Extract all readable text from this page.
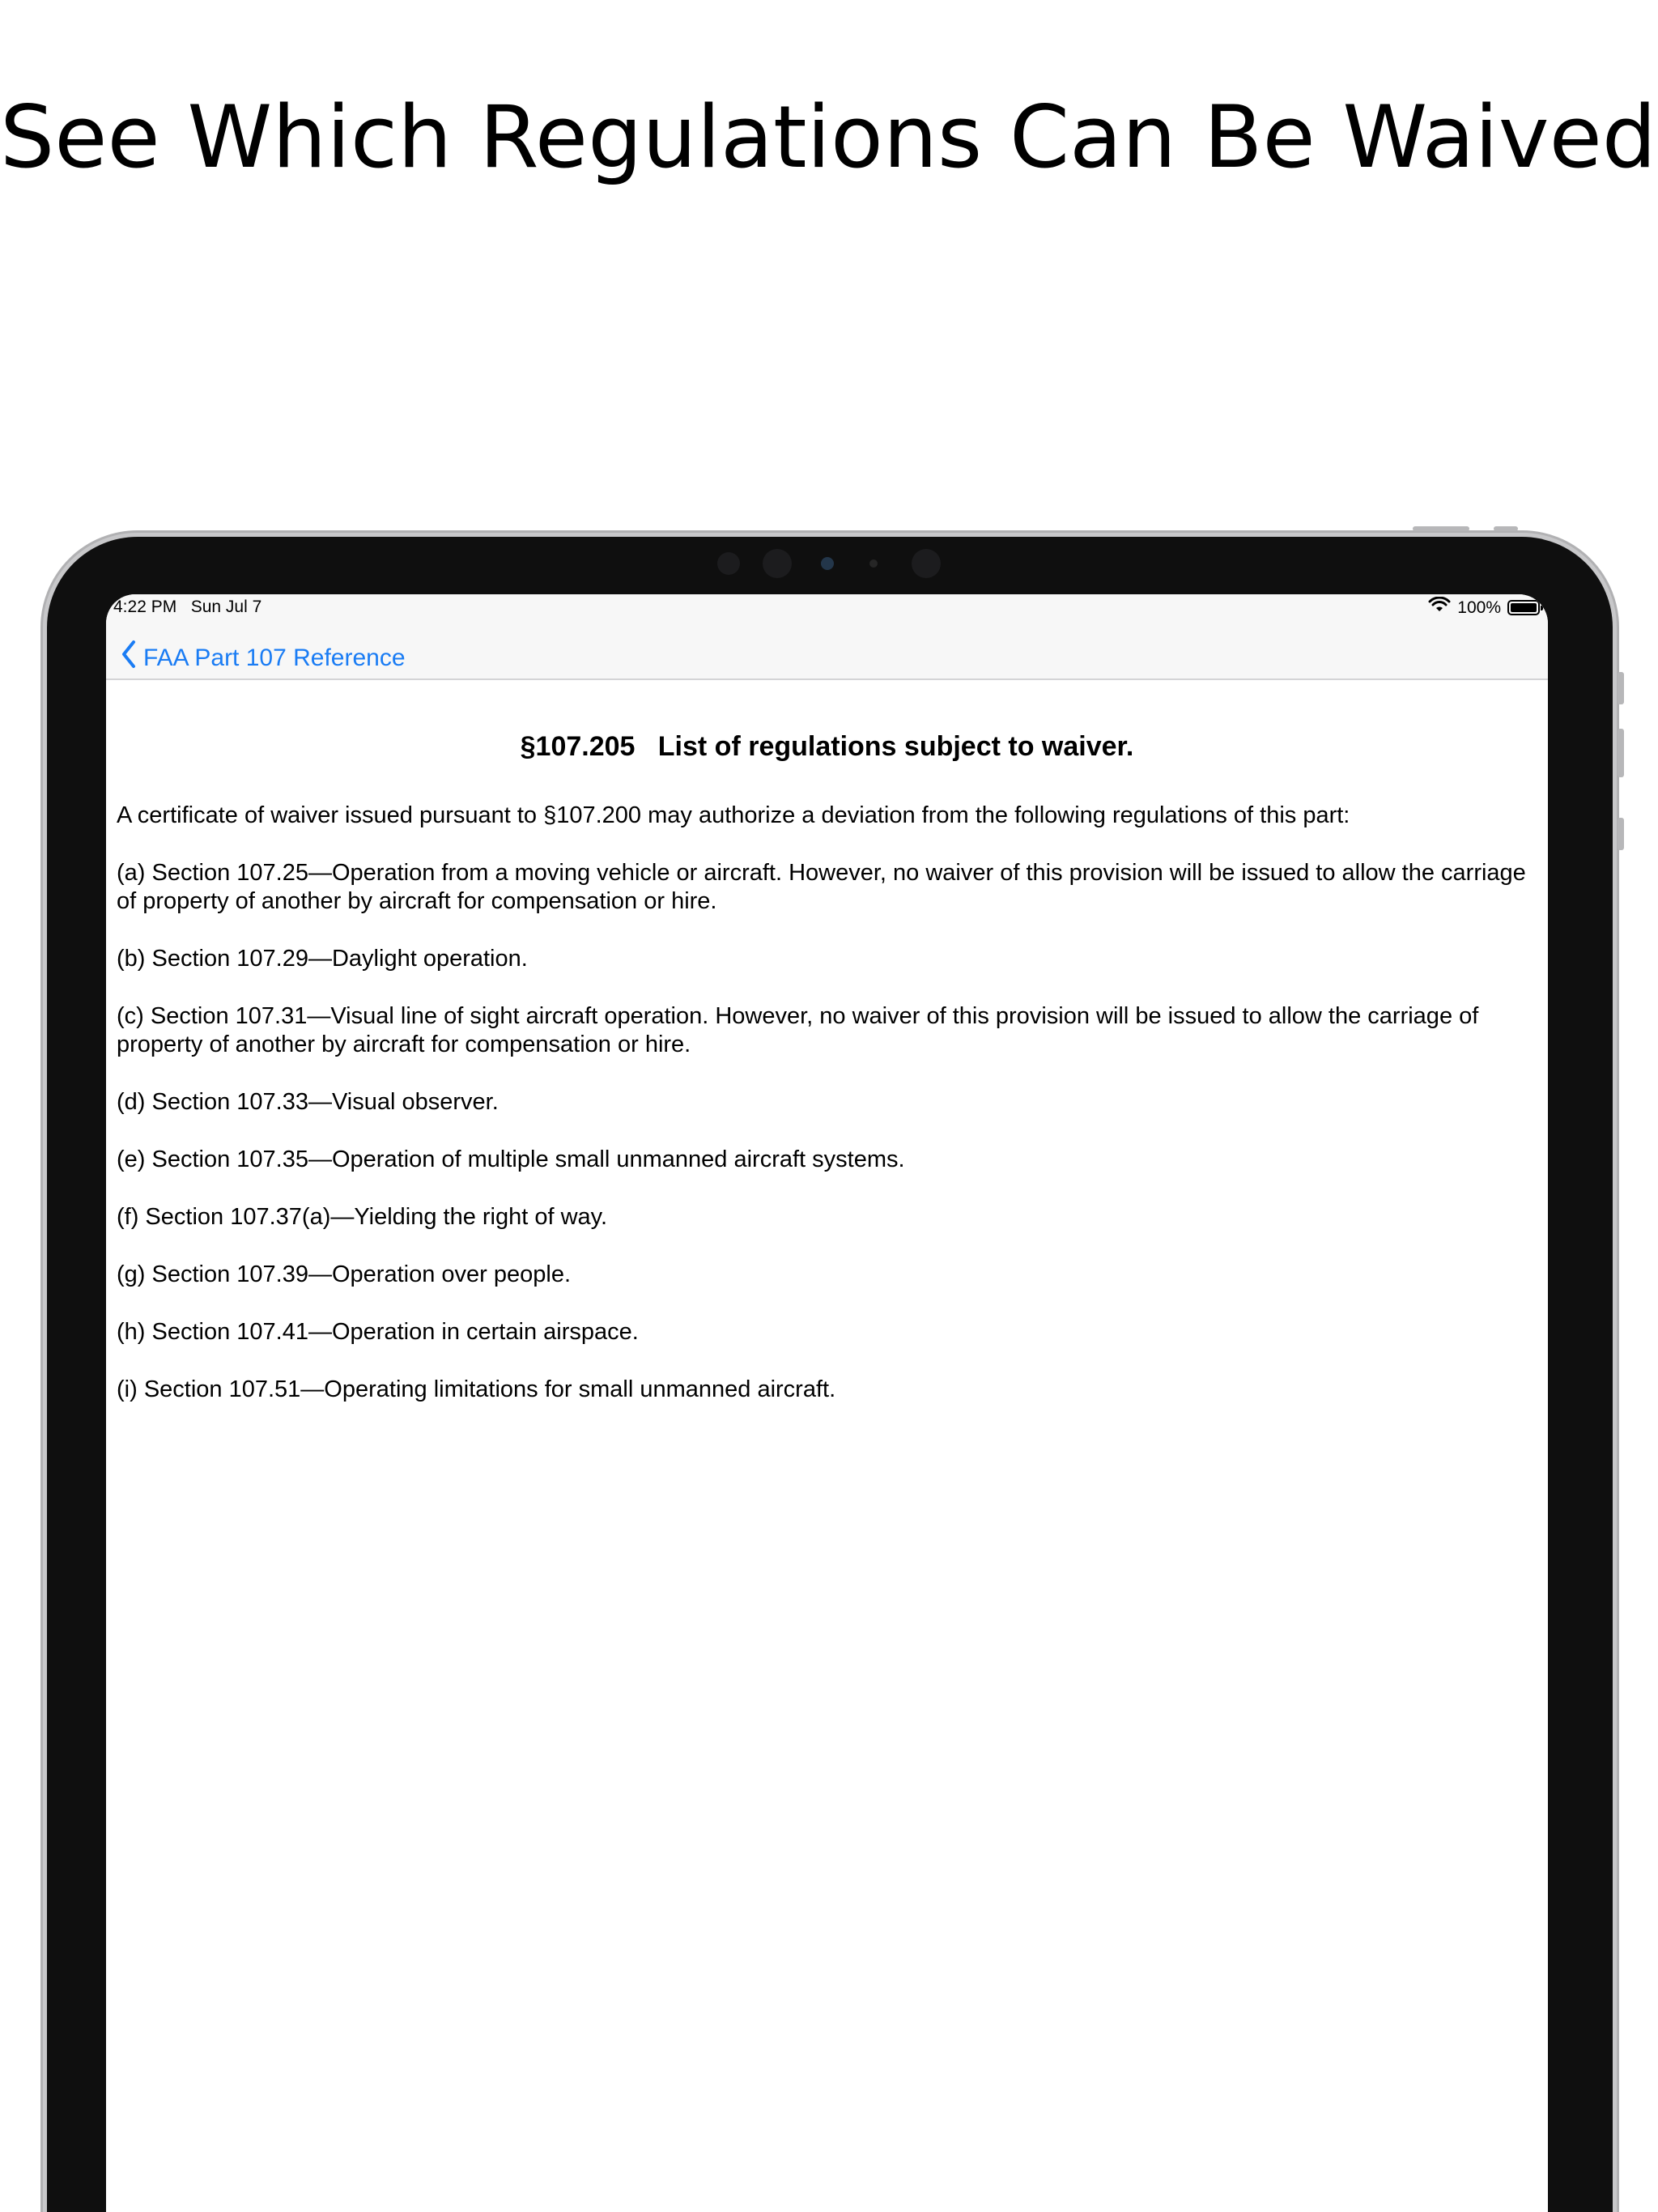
See Which Regulations Can Be Waived
4:22 PM Sun Jul 7	100%
FAA Part 107 Reference
§107.205   List of regulations subject to waiver.

A certificate of waiver issued pursuant to §107.200 may authorize a deviation from the following regulations of this part:

(a) Section 107.25—Operation from a moving vehicle or aircraft. However, no waiver of this provision will be issued to allow the carriage of property of another by aircraft for compensation or hire.

(b) Section 107.29—Daylight operation.

(c) Section 107.31—Visual line of sight aircraft operation. However, no waiver of this provision will be issued to allow the carriage of property of another by aircraft for compensation or hire.

(d) Section 107.33—Visual observer.

(e) Section 107.35—Operation of multiple small unmanned aircraft systems.

(f) Section 107.37(a)—Yielding the right of way.

(g) Section 107.39—Operation over people.

(h) Section 107.41—Operation in certain airspace.

(i) Section 107.51—Operating limitations for small unmanned aircraft.
